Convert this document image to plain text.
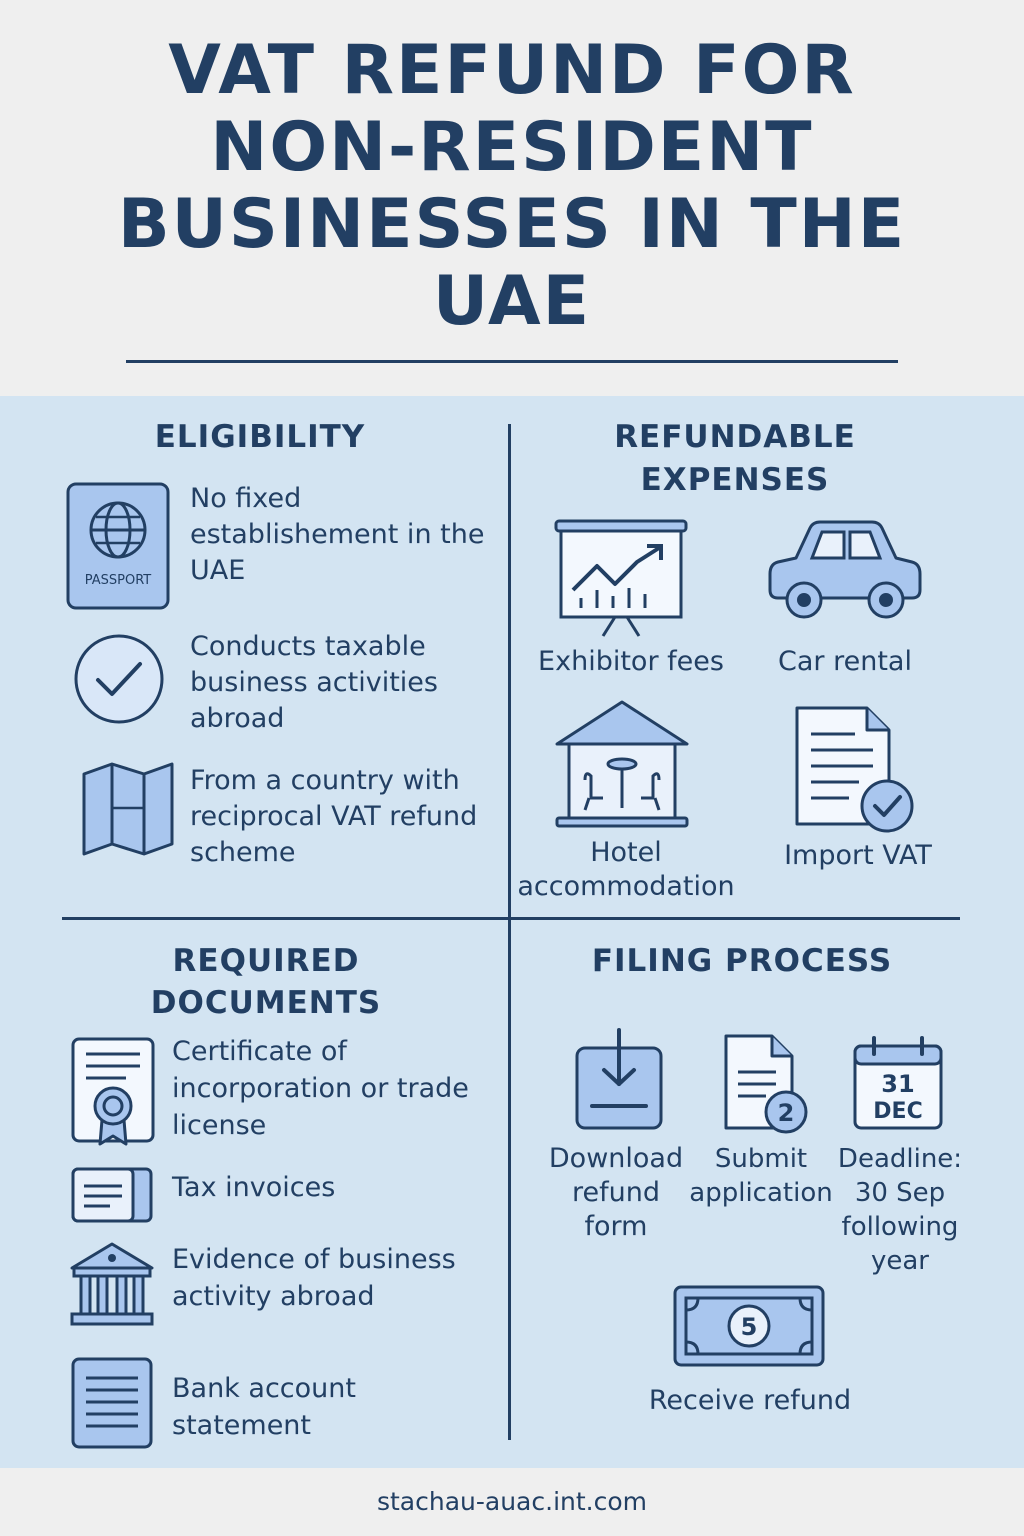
VAT REFUND FOR NON-RESIDENT BUSINESSES IN THE UAE
ELIGIBILITY
PASSPORT
No fixed establishement in the UAE
Conducts taxable business activities abroad
From a country with reciprocal VAT refund scheme
REFUNDABLE EXPENSES
Exhibitor fees	Car rental
Hotel accommodation
Import VAT
REQUIRED DOCUMENTS
Certificate of incorporation or trade license
Tax invoices
Evidence of business activity abroad
Bank account statement
FILING PROCESS
Download refund form
2
Submit application
31
DEC
Deadline: 30 Sep following year
5
Receive refund
stachau-auac.int.com
